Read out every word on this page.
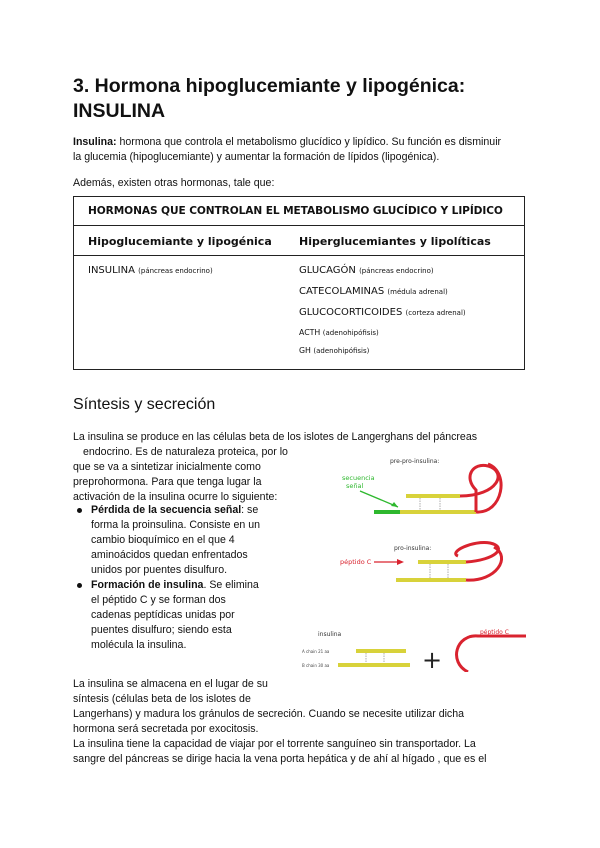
3. Hormona hipoglucemiante y lipogénica:
INSULINA

Insulina: hormona que controla el metabolismo glucídico y lipídico. Su función es disminuir
la glucemia (hipoglucemiante) y aumentar la formación de lípidos (lipogénica).

Además, existen otras hormonas, tale que:

HORMONAS QUE CONTROLAN EL METABOLISMO GLUCÍDICO Y LIPÍDICO
Hipoglucemiante y lipogénica Hiperglucemiantes y lipolíticas
INSULINA (páncreas endocrino)	GLUCAGÓN (páncreas endocrino)
CATECOLAMINAS (médula adrenal)
GLUCOCORTICOIDES (corteza adrenal)
ACTH (adenohipófisis)
GH (adenohipófisis)
Síntesis y secreción

La insulina se produce en las células beta de los islotes de Langerghans del páncreas

endocrino. Es de naturaleza proteica, por lo

que se va a sintetizar inicialmente como

preprohormona. Para que tenga lugar la

activación de la insulina ocurre lo siguiente:

Pérdida de la secuencia señal: se
forma la proinsulina. Consiste en un
cambio bioquímico en el que 4
aminoácidos quedan enfrentados
unidos por puentes disulfuro.
Formación de insulina. Se elimina
el péptido C y se forman dos
cadenas peptídicas unidas por
puentes disulfuro; siendo esta
molécula la insulina.

La insulina se almacena en el lugar de su

síntesis (células beta de los islotes de

Langerhans) y madura los gránulos de secreción. Cuando se necesite utilizar dicha

hormona será secretada por exocitosis.

La insulina tiene la capacidad de viajar por el torrente sanguíneo sin transportador. La

sangre del páncreas se dirige hacia la vena porta hepática y de ahí al hígado , que es el

pre-pro-insulina:
secuencia
señal
pro-insulina:
péptido C
insulina
A chain 21 aa
B chain 30 aa	+
péptido C
